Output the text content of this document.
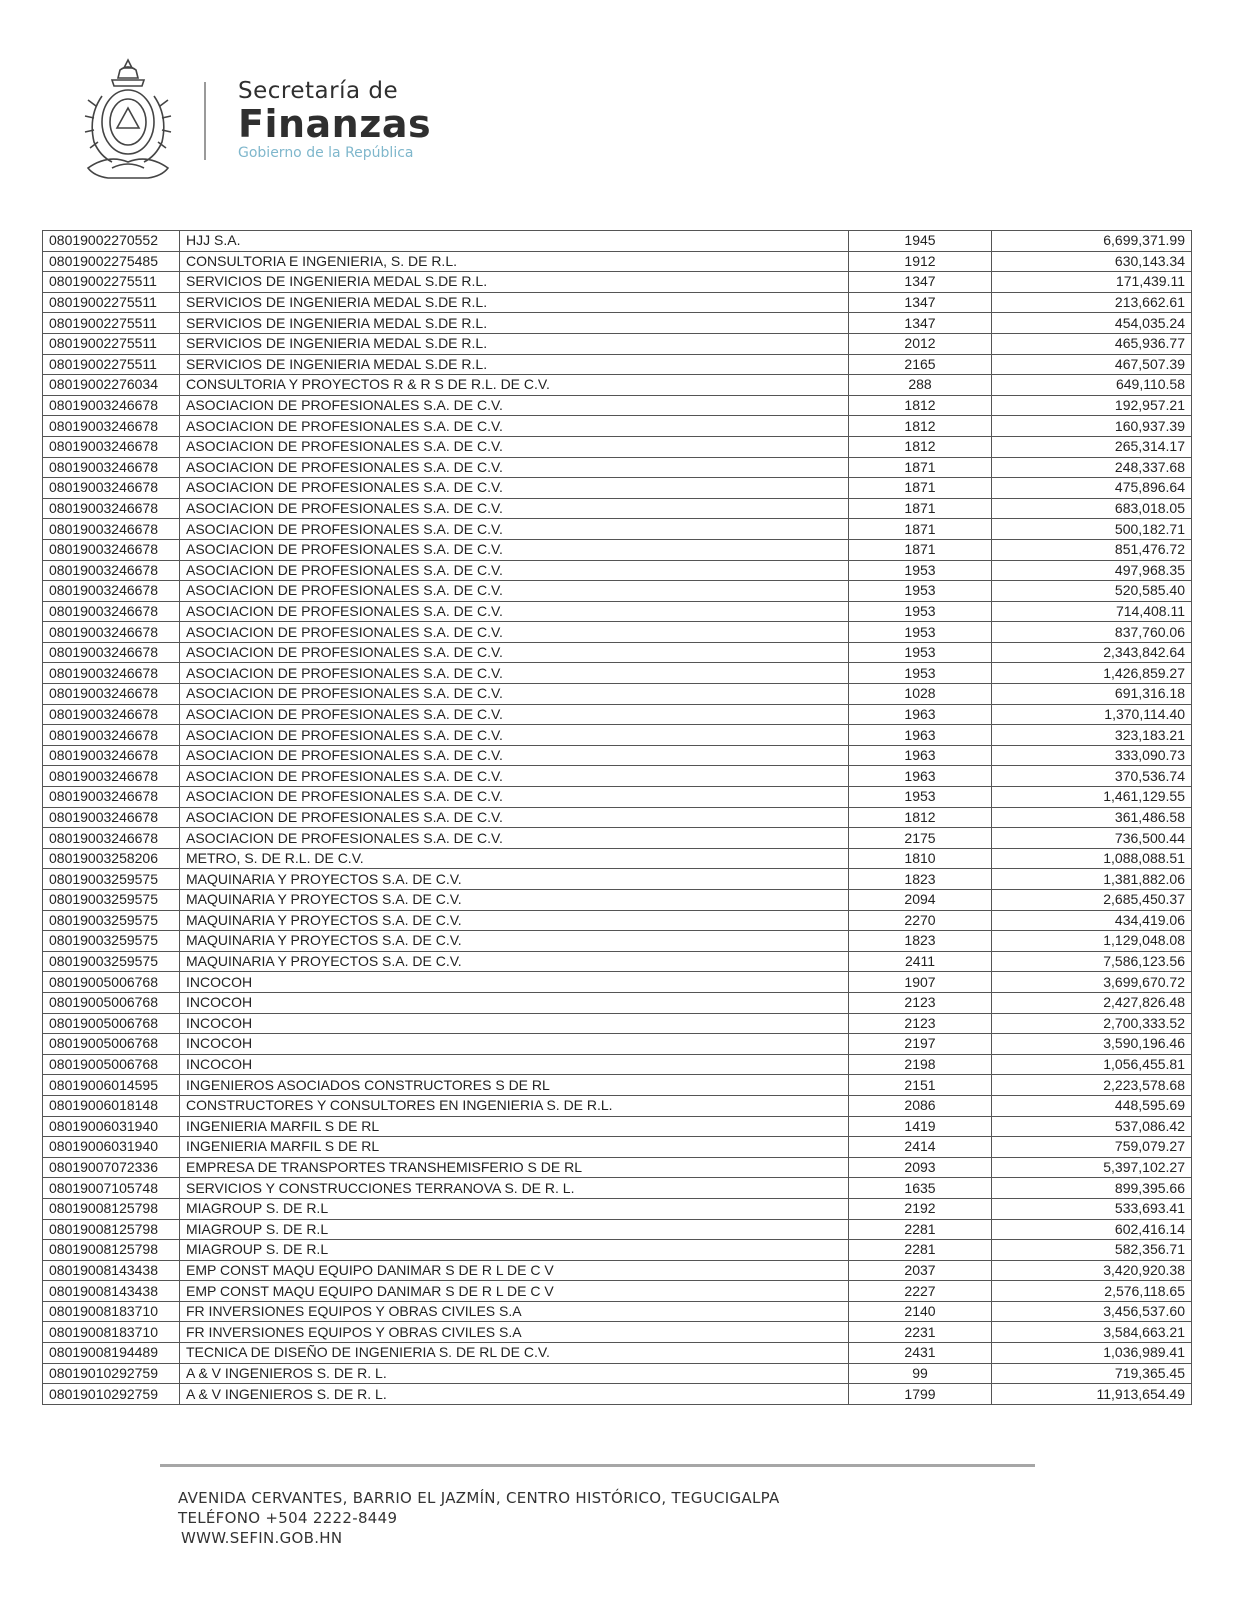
Secretaría de
Finanzas
Gobierno de la República
08019002270552	HJJ S.A.	1945	6,699,371.99
08019002275485	CONSULTORIA E INGENIERIA, S. DE R.L.	1912	630,143.34
08019002275511	SERVICIOS DE INGENIERIA MEDAL S.DE R.L.	1347	171,439.11
08019002275511	SERVICIOS DE INGENIERIA MEDAL S.DE R.L.	1347	213,662.61
08019002275511	SERVICIOS DE INGENIERIA MEDAL S.DE R.L.	1347	454,035.24
08019002275511	SERVICIOS DE INGENIERIA MEDAL S.DE R.L.	2012	465,936.77
08019002275511	SERVICIOS DE INGENIERIA MEDAL S.DE R.L.	2165	467,507.39
08019002276034	CONSULTORIA Y PROYECTOS R & R S DE R.L. DE C.V.	288	649,110.58
08019003246678	ASOCIACION DE PROFESIONALES S.A. DE C.V.	1812	192,957.21
08019003246678	ASOCIACION DE PROFESIONALES S.A. DE C.V.	1812	160,937.39
08019003246678	ASOCIACION DE PROFESIONALES S.A. DE C.V.	1812	265,314.17
08019003246678	ASOCIACION DE PROFESIONALES S.A. DE C.V.	1871	248,337.68
08019003246678	ASOCIACION DE PROFESIONALES S.A. DE C.V.	1871	475,896.64
08019003246678	ASOCIACION DE PROFESIONALES S.A. DE C.V.	1871	683,018.05
08019003246678	ASOCIACION DE PROFESIONALES S.A. DE C.V.	1871	500,182.71
08019003246678	ASOCIACION DE PROFESIONALES S.A. DE C.V.	1871	851,476.72
08019003246678	ASOCIACION DE PROFESIONALES S.A. DE C.V.	1953	497,968.35
08019003246678	ASOCIACION DE PROFESIONALES S.A. DE C.V.	1953	520,585.40
08019003246678	ASOCIACION DE PROFESIONALES S.A. DE C.V.	1953	714,408.11
08019003246678	ASOCIACION DE PROFESIONALES S.A. DE C.V.	1953	837,760.06
08019003246678	ASOCIACION DE PROFESIONALES S.A. DE C.V.	1953	2,343,842.64
08019003246678	ASOCIACION DE PROFESIONALES S.A. DE C.V.	1953	1,426,859.27
08019003246678	ASOCIACION DE PROFESIONALES S.A. DE C.V.	1028	691,316.18
08019003246678	ASOCIACION DE PROFESIONALES S.A. DE C.V.	1963	1,370,114.40
08019003246678	ASOCIACION DE PROFESIONALES S.A. DE C.V.	1963	323,183.21
08019003246678	ASOCIACION DE PROFESIONALES S.A. DE C.V.	1963	333,090.73
08019003246678	ASOCIACION DE PROFESIONALES S.A. DE C.V.	1963	370,536.74
08019003246678	ASOCIACION DE PROFESIONALES S.A. DE C.V.	1953	1,461,129.55
08019003246678	ASOCIACION DE PROFESIONALES S.A. DE C.V.	1812	361,486.58
08019003246678	ASOCIACION DE PROFESIONALES S.A. DE C.V.	2175	736,500.44
08019003258206	METRO, S. DE R.L. DE C.V.	1810	1,088,088.51
08019003259575	MAQUINARIA Y PROYECTOS S.A. DE C.V.	1823	1,381,882.06
08019003259575	MAQUINARIA Y PROYECTOS S.A. DE C.V.	2094	2,685,450.37
08019003259575	MAQUINARIA Y PROYECTOS S.A. DE C.V.	2270	434,419.06
08019003259575	MAQUINARIA Y PROYECTOS S.A. DE C.V.	1823	1,129,048.08
08019003259575	MAQUINARIA Y PROYECTOS S.A. DE C.V.	2411	7,586,123.56
08019005006768	INCOCOH	1907	3,699,670.72
08019005006768	INCOCOH	2123	2,427,826.48
08019005006768	INCOCOH	2123	2,700,333.52
08019005006768	INCOCOH	2197	3,590,196.46
08019005006768	INCOCOH	2198	1,056,455.81
08019006014595	INGENIEROS ASOCIADOS CONSTRUCTORES S DE RL	2151	2,223,578.68
08019006018148	CONSTRUCTORES Y CONSULTORES EN INGENIERIA S. DE R.L.	2086	448,595.69
08019006031940	INGENIERIA MARFIL S DE RL	1419	537,086.42
08019006031940	INGENIERIA MARFIL S DE RL	2414	759,079.27
08019007072336	EMPRESA DE TRANSPORTES TRANSHEMISFERIO S DE RL	2093	5,397,102.27
08019007105748	SERVICIOS Y CONSTRUCCIONES TERRANOVA S. DE R. L.	1635	899,395.66
08019008125798	MIAGROUP S. DE R.L	2192	533,693.41
08019008125798	MIAGROUP S. DE R.L	2281	602,416.14
08019008125798	MIAGROUP S. DE R.L	2281	582,356.71
08019008143438	EMP CONST MAQU EQUIPO DANIMAR S DE R L DE C V	2037	3,420,920.38
08019008143438	EMP CONST MAQU EQUIPO DANIMAR S DE R L DE C V	2227	2,576,118.65
08019008183710	FR INVERSIONES EQUIPOS Y OBRAS CIVILES S.A	2140	3,456,537.60
08019008183710	FR INVERSIONES EQUIPOS Y OBRAS CIVILES S.A	2231	3,584,663.21
08019008194489	TECNICA DE DISEÑO DE INGENIERIA S. DE RL DE C.V.	2431	1,036,989.41
08019010292759	A & V INGENIEROS S. DE R. L.	99	719,365.45
08019010292759	A & V INGENIEROS S. DE R. L.	1799	11,913,654.49
AVENIDA CERVANTES, BARRIO EL JAZMÍN, CENTRO HISTÓRICO, TEGUCIGALPA
TELÉFONO +504 2222-8449
WWW.SEFIN.GOB.HN
